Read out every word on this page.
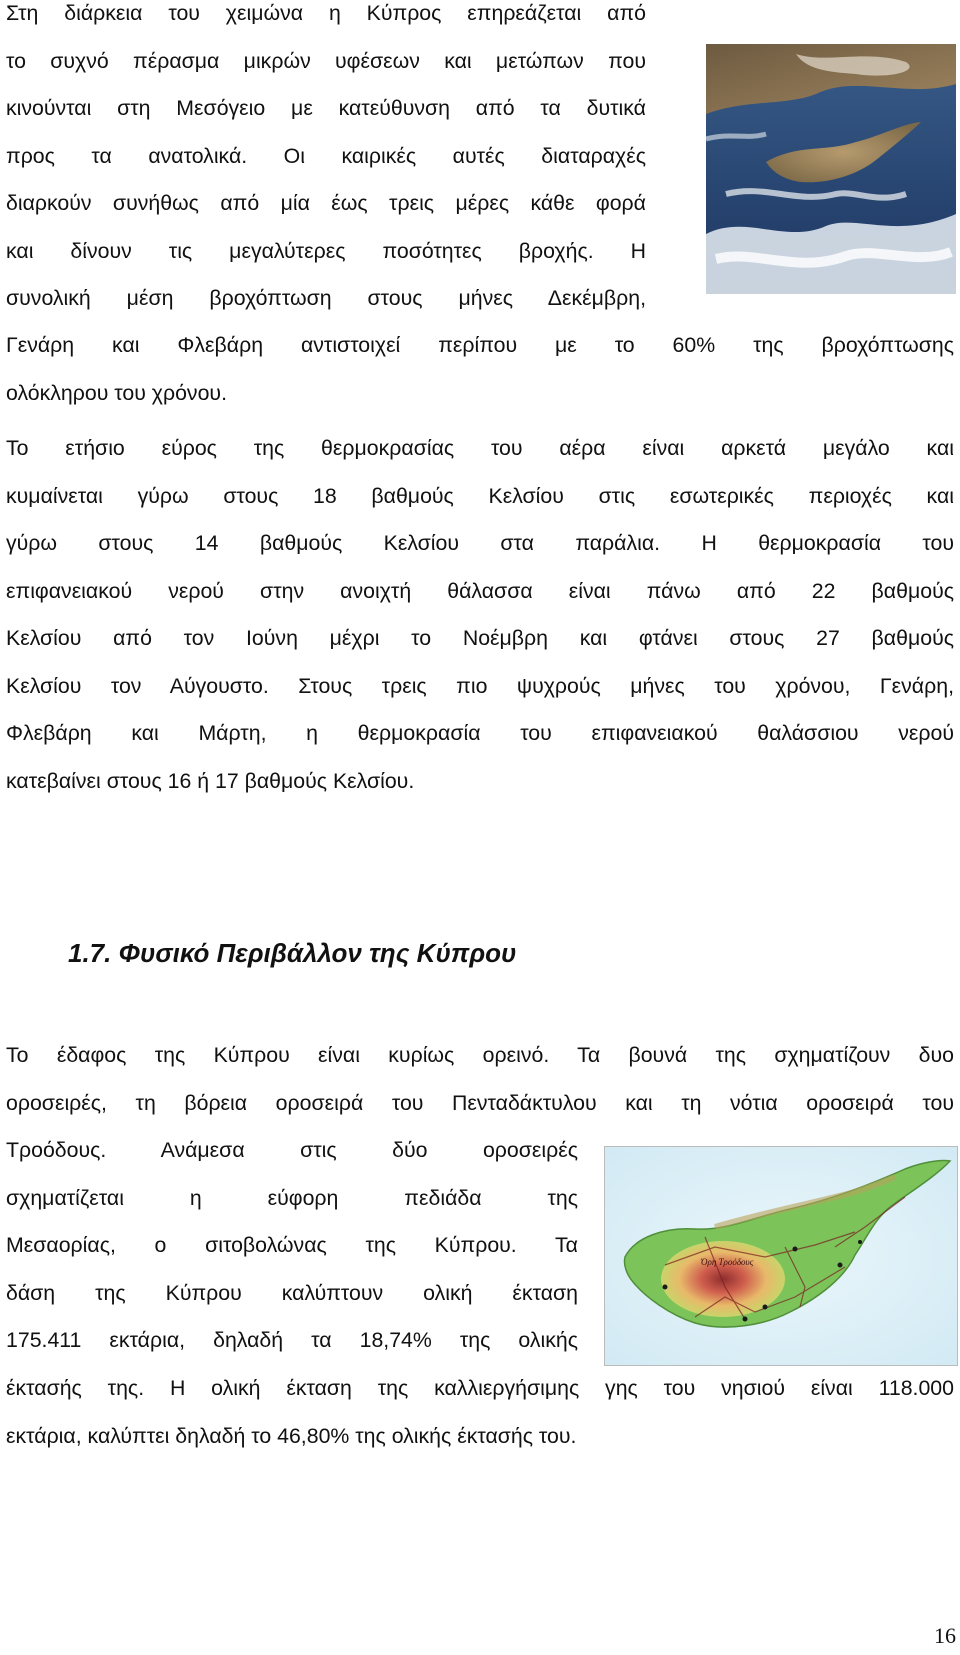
Στη διάρκεια του χειμώνα η Κύπρος επηρεάζεται από
το συχνό πέρασμα μικρών υφέσεων και μετώπων που
κινούνται στη Μεσόγειο με κατεύθυνση από τα δυτικά
προς τα ανατολικά. Οι καιρικές αυτές διαταραχές
διαρκούν συνήθως από μία έως τρεις μέρες κάθε φορά
και δίνουν τις μεγαλύτερες ποσότητες βροχής. Η
συνολική μέση βροχόπτωση στους μήνες Δεκέμβρη,
Γενάρη και Φλεβάρη αντιστοιχεί περίπου με το 60% της βροχόπτωσης
ολόκληρου του χρόνου.
Το ετήσιο εύρος της θερμοκρασίας του αέρα είναι αρκετά μεγάλο και
κυμαίνεται γύρω στους 18 βαθμούς Κελσίου στις εσωτερικές περιοχές και
γύρω στους 14 βαθμούς Κελσίου στα παράλια. Η θερμοκρασία του
επιφανειακού νερού στην ανοιχτή θάλασσα είναι πάνω από 22 βαθμούς
Κελσίου από τον Ιούνη μέχρι το Νοέμβρη και φτάνει στους 27 βαθμούς
Κελσίου τον Αύγουστο. Στους τρεις πιο ψυχρούς μήνες του χρόνου, Γενάρη,
Φλεβάρη και Μάρτη, η θερμοκρασία του επιφανειακού θαλάσσιου νερού
κατεβαίνει στους 16 ή 17 βαθμούς Κελσίου.
1.7. Φυσικό Περιβάλλον της Κύπρου
Το έδαφος της Κύπρου είναι κυρίως ορεινό. Τα βουνά της σχηματίζουν δυο
οροσειρές, τη βόρεια οροσειρά του Πενταδάκτυλου και τη νότια οροσειρά του
Τροόδους. Ανάμεσα στις δύο οροσειρές
σχηματίζεται η εύφορη πεδιάδα της
Μεσαορίας, ο σιτοβολώνας της Κύπρου. Τα
δάση της Κύπρου καλύπτουν ολική έκταση
175.411 εκτάρια, δηλαδή τα 18,74% της ολικής
έκτασής της. Η ολική έκταση της καλλιεργήσιμης γης του νησιού είναι 118.000
εκτάρια, καλύπτει δηλαδή το 46,80% της ολικής έκτασής του.
Όρη Τροόδους
16
